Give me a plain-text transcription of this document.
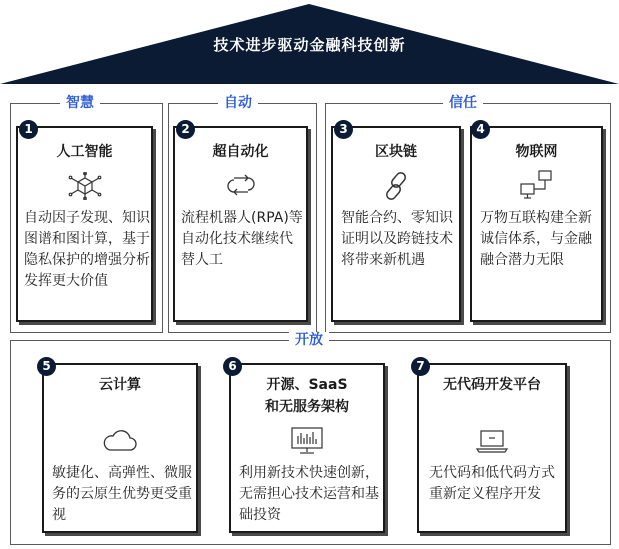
技术进步驱动金融科技创新
智慧	自动	信任
开放
人工智能
自动因子发现、知识图谱和图计算，基于隐私保护的增强分析发挥更大价值
1
超自动化
流程机器人(RPA)等自动化技术继续代替人工
2
区块链
智能合约、零知识证明以及跨链技术将带来新机遇
3
物联网
万物互联构建全新诚信体系，与金融融合潜力无限
4
云计算
敏捷化、高弹性、微服务的云原生优势更受重视
5
开源、SaaS
和无服务架构
利用新技术快速创新，无需担心技术运营和基础投资
6
无代码开发平台
无代码和低代码方式重新定义程序开发
7
